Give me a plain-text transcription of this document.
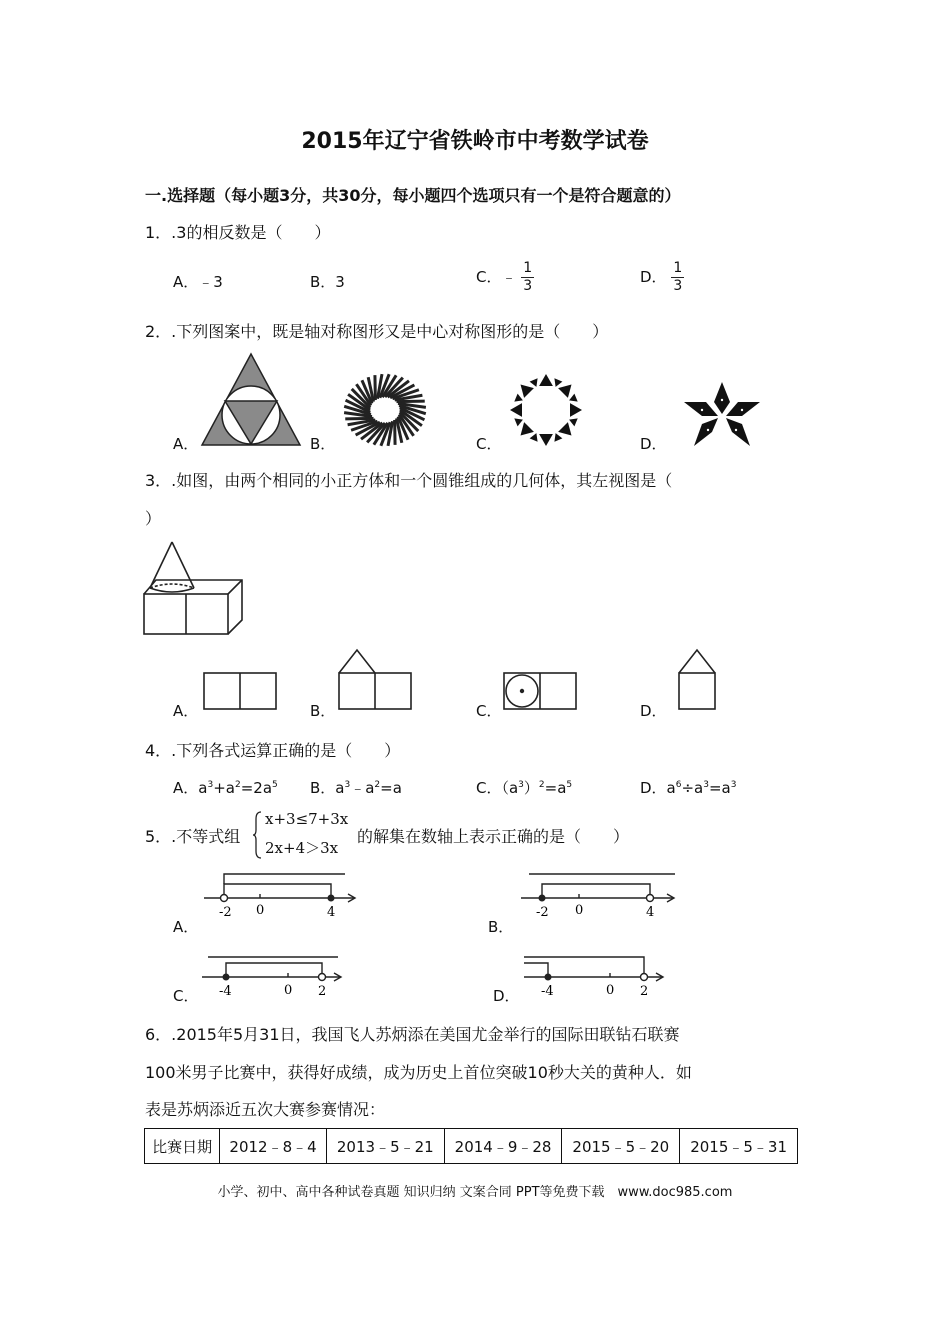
2015年辽宁省铁岭市中考数学试卷
一.选择题（每小题3分，共30分，每小题四个选项只有一个是符合题意的）
1．.3的相反数是（　　）
A．﹣3	B．3	C．﹣ $\frac{1}{3}$	D． $\frac{1}{3}$
2．.下列图案中，既是轴对称图形又是中心对称图形的是（　　）
A．	B．	C．	D．
3．.如图，由两个相同的小正方体和一个圆锥组成的几何体，其左视图是（
）
A．	B．	C．	D．
4．.下列各式运算正确的是（　　）
A．$a^3+a^2=2a^5$ B．$a^3﹣a^2=a$	C．$(a^3)^2=a^5$	D．$a^6\div a^3=a^3$
5．.不等式组
x+3≤7+3x
2x+4＞3x
的解集在数轴上表示正确的是（　　）
A．	B．
C．	D．
-2 0	4	-2 0	4
-4	0 2	-4	0 2
6．.2015年5月31日，我国飞人苏炳添在美国尤金举行的国际田联钻石联赛
100米男子比赛中，获得好成绩，成为历史上首位突破10秒大关的黄种人．如
表是苏炳添近五次大赛参赛情况：
比赛日期	2012﹣8﹣4	2013﹣5﹣21	2014﹣9﹣28	2015﹣5﹣20	2015﹣5﹣31
小学、初中、高中各种试卷真题 知识归纳 文案合同 PPT等免费下载　www.doc985.com
